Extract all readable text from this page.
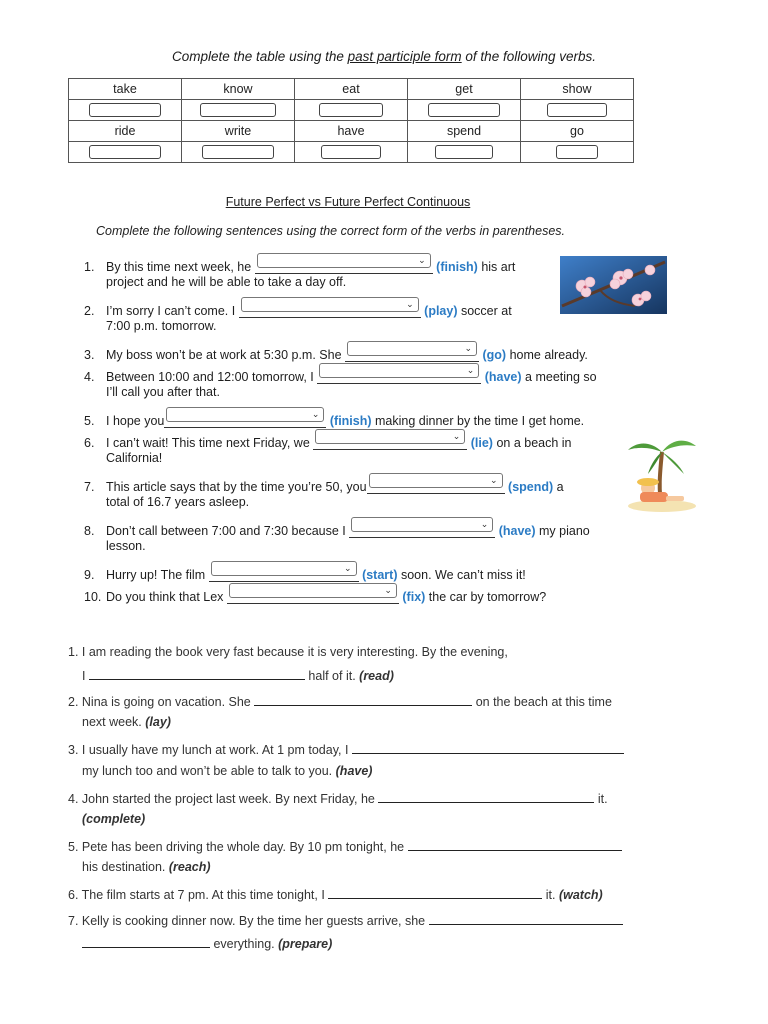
Complete the table using the past participle form of the following verbs.
take	know	eat	get	show

ride	write	have	spend	go

Future Perfect vs Future Perfect Continuous
Complete the following sentences using the correct form of the verbs in parentheses.
1. By this time next week, he	⌄ (finish) his art
project and he will be able to take a day off.
2. I’m sorry I can’t come. I	⌄ (play) soccer at
7:00 p.m. tomorrow.
3. My boss won’t be at work at 5:30 p.m. She	⌄ (go) home already.
4. Between 10:00 and 12:00 tomorrow, I	⌄ (have) a meeting so
I’ll call you after that.
5. I hope you	⌄ (finish) making dinner by the time I get home.
6. I can’t wait! This time next Friday, we	⌄ (lie) on a beach in
California!
7. This article says that by the time you’re 50, you	⌄ (spend) a
total of 16.7 years asleep.
8. Don’t call between 7:00 and 7:30 because I	⌄ (have) my piano
lesson.
9. Hurry up! The film	⌄ (start) soon. We can’t miss it!
10. Do you think that Lex	⌄ (fix) the car by tomorrow?
1. I am reading the book very fast because it is very interesting. By the evening,
I	half of it. (read)
2. Nina is going on vacation. She	on the beach at this time
next week. (lay)
3. I usually have my lunch at work. At 1 pm today, I
my lunch too and won’t be able to talk to you. (have)
4. John started the project last week. By next Friday, he	it.
(complete)
5. Pete has been driving the whole day. By 10 pm tonight, he
his destination. (reach)
6. The film starts at 7 pm. At this time tonight, I	it. (watch)
7. Kelly is cooking dinner now. By the time her guests arrive, she
everything. (prepare)
